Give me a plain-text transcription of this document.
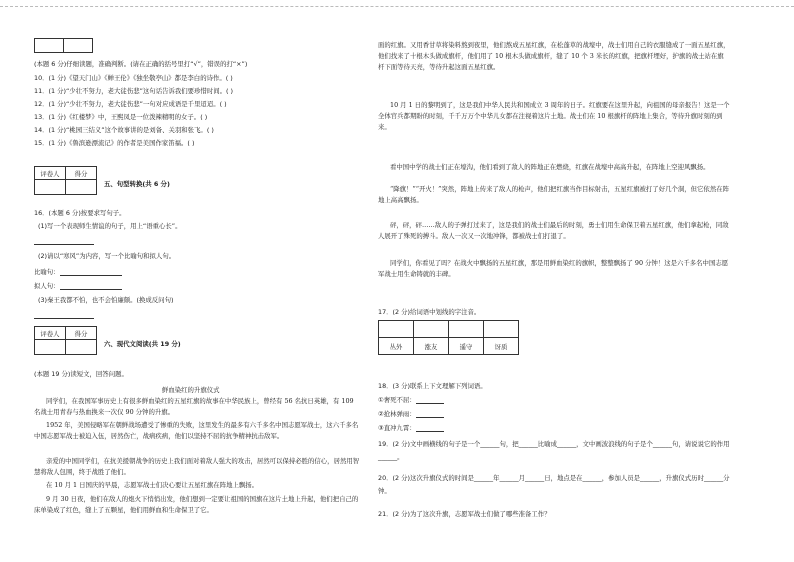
(本题 6 分)仔细读题，准确判断。(请在正确的括号里打“√”，错误的打“×”)
10．(1 分)《望天门山》《蝉王伦》《独坐敬亭山》都是李白的诗作。( )
11．(1 分)“少壮不努力，老大徒伤悲”这句话告诉我们要珍惜时间。( )
12．(1 分)“少壮不努力，老大徒伤悲”一句对应成语是千里迢迢。( )
13．(1 分)《红楼梦》中，王熙凤是一位泼辣精明的女子。( )
14．(1 分)“桃园三结义”这个故事讲的是刘备、关羽和张飞。( )
15．(1 分)《鲁滨逊漂流记》的作者是美国作家笛福。( )
评卷人	得分

五、句型转换(共 6 分)
16．(本题 6 分)按要求写句子。
(1)写一个表现师生情谊的句子，用上“语重心长”。
(2)请以“寒风”为内容，写一个比喻句和拟人句。
比喻句：
拟人句：
(3)秦王我都不怕，也不会怕廉颇。(换成反问句)
评卷人	得分

六、现代文阅读(共 19 分)
(本题 19 分)读短文，回答问题。
鲜血染红的升旗仪式
同学们，在我国军事历史上有很多鲜血染红的五星红旗的故事在中华民族上，曾经有 56 名抗日英雄，有 109 名战士用青春与热血换来一次仅 90 分钟的升旗。
1952 年，美国侵略军在朝鲜战场遭受了惨重的失败，这里发生的最多有六千多名中国志愿军战士，这六千多名中国志愿军战士被迫入伍，居然伤亡，战病疾病，他们以坚持不屈的抗争精神抗击敌军。
亲爱的中国同学们，在抗美援朝战争的历史上我们面对着敌人强大的攻击，居然可以保持必胜的信心，居然用智慧将敌人包围，终于战胜了他们。
在 10 月 1 日国庆的早晨，志愿军战士们决心要让五星红旗在阵地上飘扬。
9 月 30 日夜，他们在敌人的炮火下悄悄出发，他们想到一定要让祖国的国旗在这片土地上升起，他们把自己的床单染成了红色，缝上了五颗星，他们用鲜血和生命保卫了它。
面的红旗。又用香甘草将染料熬到夜里，他们熬成五星红旗，在松蓬草的战壕中，战士们用自己的衣服缝成了一面五星红旗，他们找来了十根木头做成旗杆，他们用了 10 根木头做成旗杆，缝了 10 个 3 米长的红旗，把旗杆埋好，护旗的战士站在旗杆下面等待天亮，等待升起这面五星红旗。
10 月 1 日的黎明到了，这是我们中华人民共和国成立 3 周年的日子。红旗要在这里升起，向祖国的母亲报告！这是一个全体官兵都期盼的时刻，千千万万个中华儿女都在注视着这片土地。战士们在 10 根旗杆的阵地上集合，等待升旗时刻的到来。
看中国中学的战士们正在壕沟，他们看到了敌人的阵地正在燃烧，红旗在战壕中高高升起，在阵地上空迎风飘扬。
“降旗！”“开火！”突然，阵地上传来了敌人的枪声，他们把红旗当作目标射击，五星红旗被打了好几个洞，但它依然在阵地上高高飘扬。
砰，砰，砰……敌人的子弹打过来了，这是我们的战士们最后的时刻，勇士们用生命保卫着五星红旗，他们拿起枪，同敌人展开了殊死的搏斗。敌人一次又一次地冲锋，都被战士们打退了。
同学们，你看见了吗？在战火中飘扬的五星红旗，那是用鲜血染红的旗帜，整整飘扬了 90 分钟！这是六千多名中国志愿军战士用生命铸就的丰碑。
17．(2 分)给词语中划线的字注音。

丛外	涨友	遥守	讶质
18．(3 分)联系上下文理解下列词语。
①奢死不屈：
②抢林弹雨：
③直冲九霄：
19．(2 分)文中画横线的句子是一个______句，把______比喻成______，文中画波浪线的句子是个______句，请说说它的作用______。
20．(2 分)这次升旗仪式的时间是______年______月______日，地点是在______，参加人员是______，升旗仪式历时______分钟。
21．(2 分)为了这次升旗，志愿军战士们做了哪些准备工作？
